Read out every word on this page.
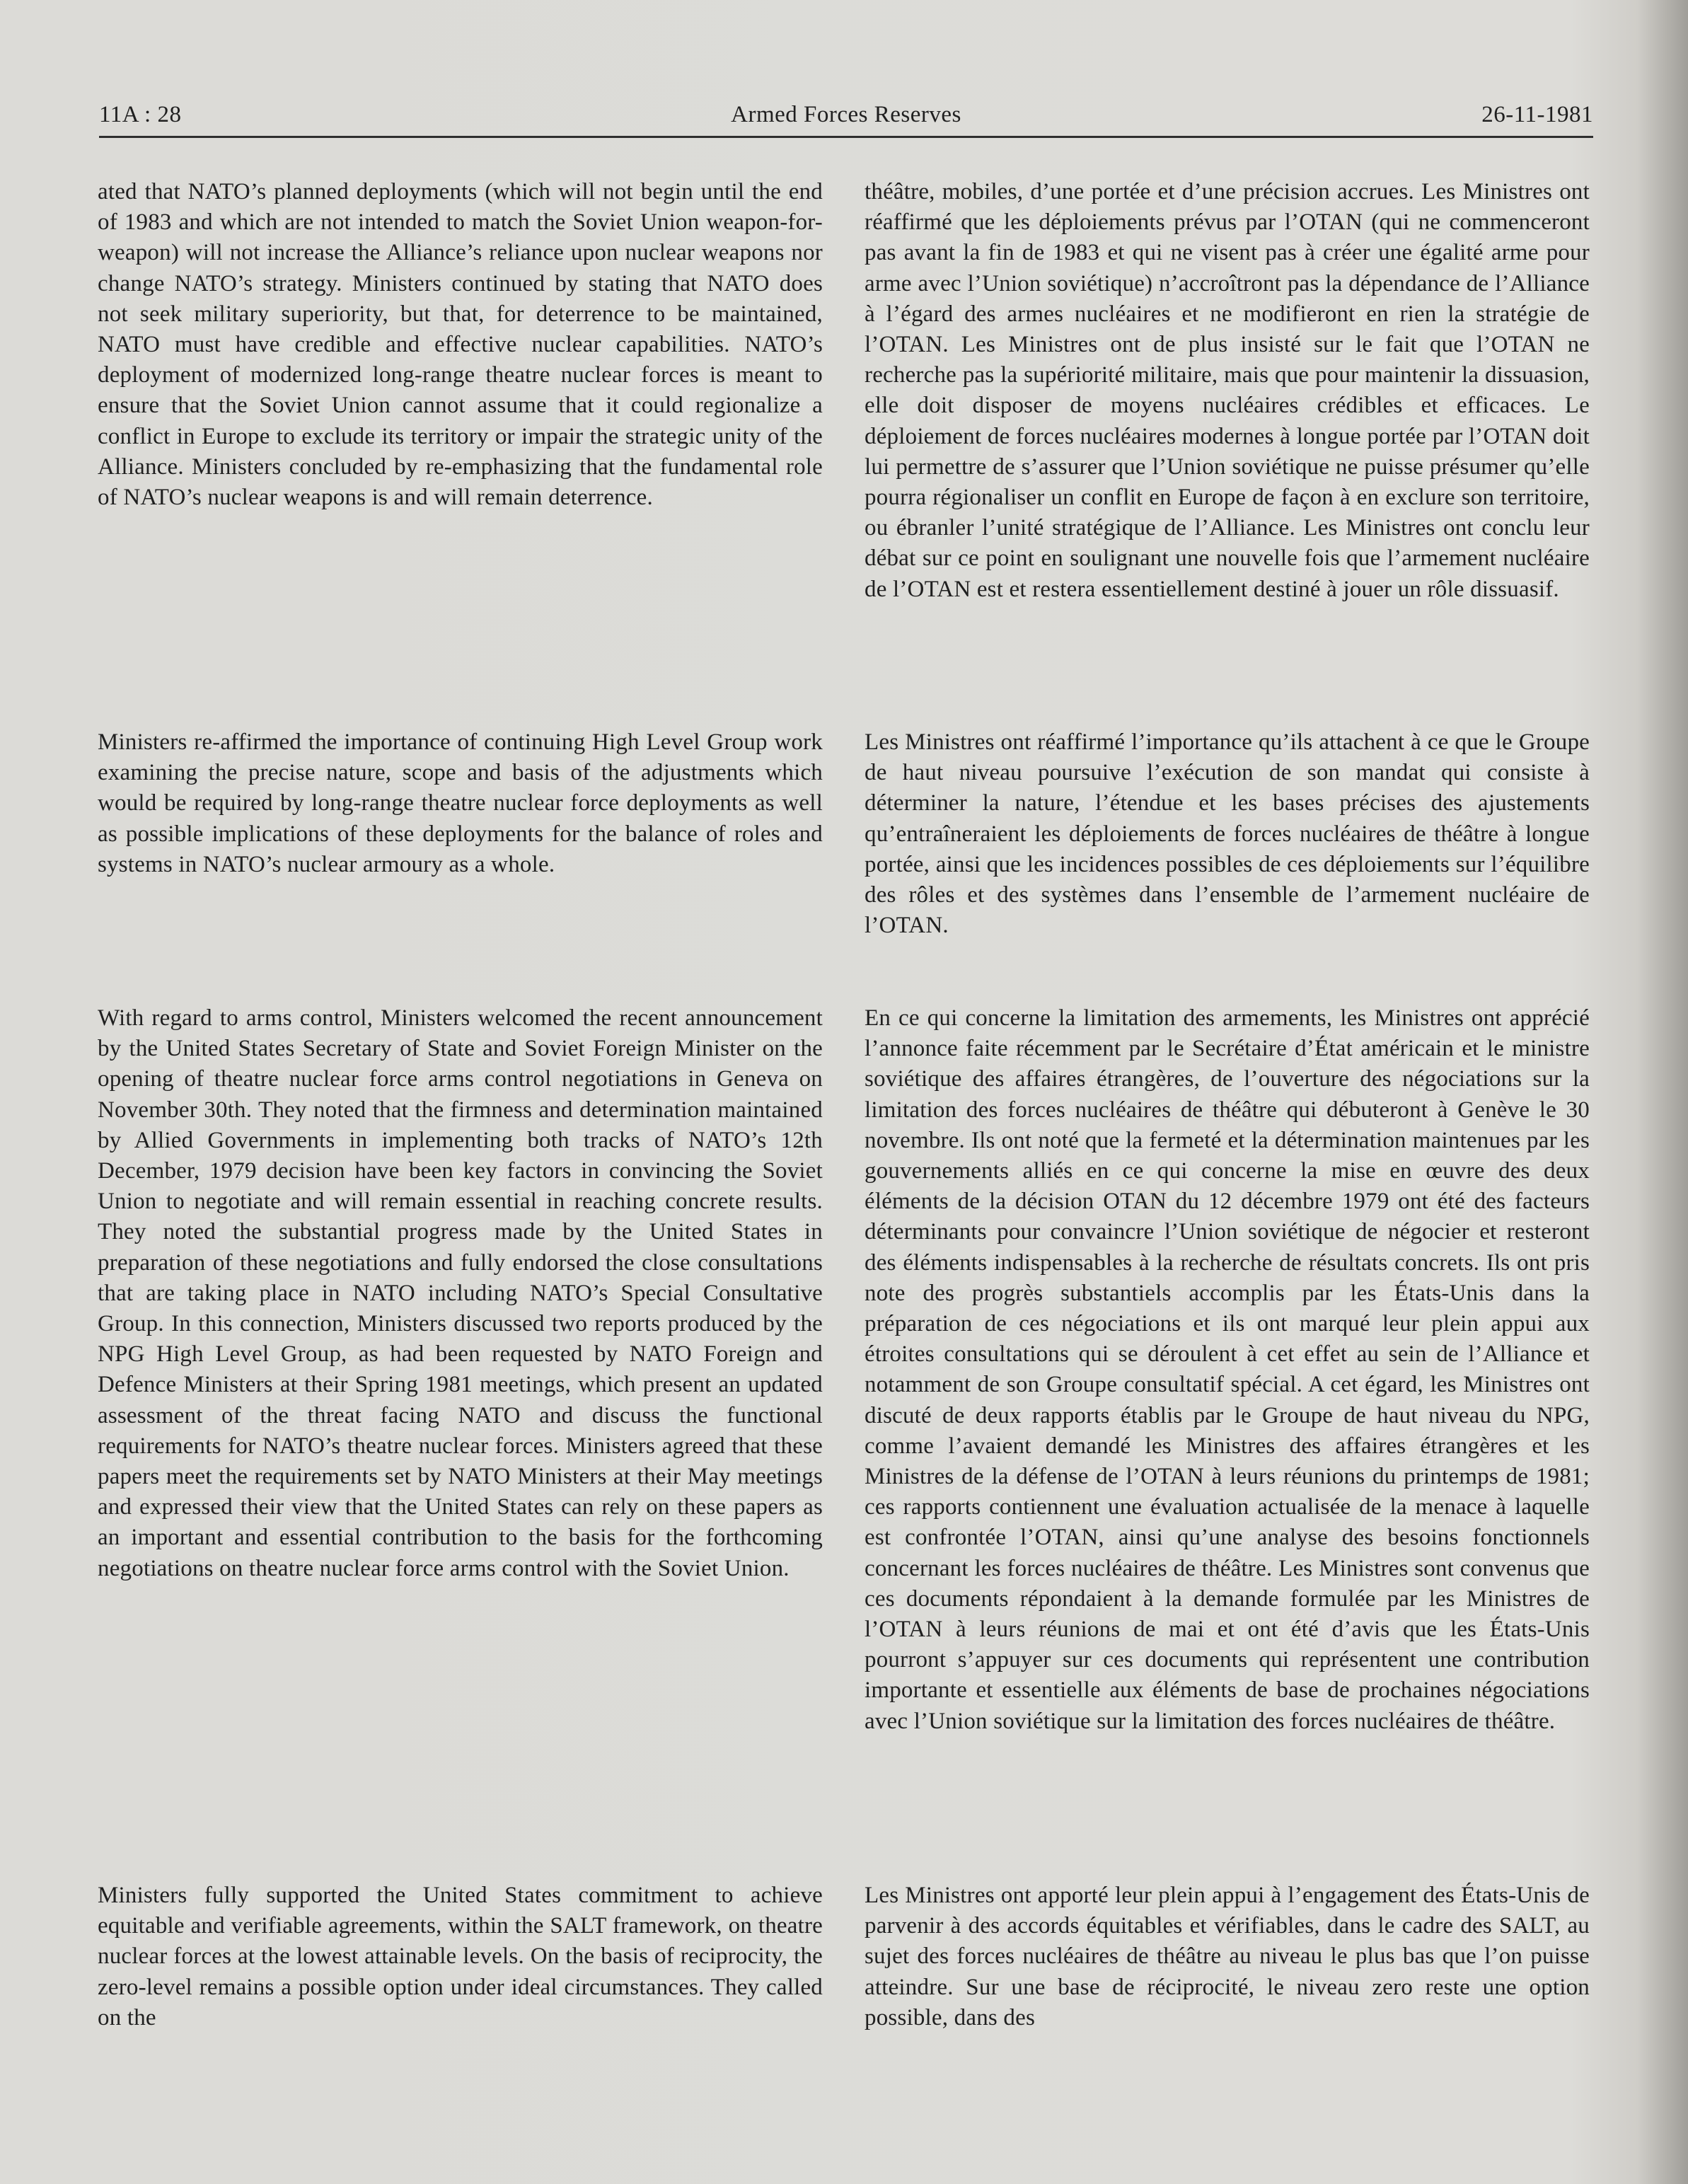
11A : 28	Armed Forces Reserves	26-11-1981

ated that NATO’s planned deployments (which will not begin until the end of 1983 and which are not intended to match the Soviet Union weapon-for-weapon) will not increase the Alliance’s reliance upon nuclear weapons nor change NATO’s strategy. Ministers continued by stating that NATO does not seek military superiority, but that, for deterrence to be maintained, NATO must have credible and effective nuclear capabilities. NATO’s deployment of modernized long-range theatre nuclear forces is meant to ensure that the Soviet Union cannot assume that it could regionalize a conflict in Europe to exclude its territory or impair the strategic unity of the Alliance. Ministers concluded by re-emphasizing that the fundamental role of NATO’s nuclear weapons is and will remain deterrence.

Ministers re-affirmed the importance of continuing High Level Group work examining the precise nature, scope and basis of the adjustments which would be required by long-range theatre nuclear force deployments as well as possible implications of these deployments for the balance of roles and systems in NATO’s nuclear armoury as a whole.

With regard to arms control, Ministers welcomed the recent announcement by the United States Secretary of State and Soviet Foreign Minister on the opening of theatre nuclear force arms control negotiations in Geneva on November 30th. They noted that the firmness and determination maintained by Allied Governments in implementing both tracks of NATO’s 12th December, 1979 decision have been key factors in convincing the Soviet Union to negotiate and will remain essential in reaching concrete results. They noted the substantial progress made by the United States in preparation of these negotiations and fully endorsed the close consultations that are taking place in NATO including NATO’s Special Consultative Group. In this connection, Ministers discussed two reports produced by the NPG High Level Group, as had been requested by NATO Foreign and Defence Ministers at their Spring 1981 meetings, which present an updated assessment of the threat facing NATO and discuss the functional requirements for NATO’s theatre nuclear forces. Ministers agreed that these papers meet the requirements set by NATO Ministers at their May meetings and expressed their view that the United States can rely on these papers as an important and essential contribution to the basis for the forthcoming negotiations on theatre nuclear force arms control with the Soviet Union.

Ministers fully supported the United States commitment to achieve equitable and verifiable agreements, within the SALT framework, on theatre nuclear forces at the lowest attainable levels. On the basis of reciprocity, the zero-level remains a possible option under ideal circumstances. They called on the

théâtre, mobiles, d’une portée et d’une précision accrues. Les Ministres ont réaffirmé que les déploiements prévus par l’OTAN (qui ne commenceront pas avant la fin de 1983 et qui ne visent pas à créer une égalité arme pour arme avec l’Union soviétique) n’accroîtront pas la dépendance de l’Alliance à l’égard des armes nucléaires et ne modifieront en rien la stratégie de l’OTAN. Les Ministres ont de plus insisté sur le fait que l’OTAN ne recherche pas la supériorité militaire, mais que pour maintenir la dissuasion, elle doit disposer de moyens nucléaires crédibles et efficaces. Le déploiement de forces nucléaires modernes à longue portée par l’OTAN doit lui permettre de s’assurer que l’Union soviétique ne puisse présumer qu’elle pourra régionaliser un conflit en Europe de façon à en exclure son territoire, ou ébranler l’unité stratégique de l’Alliance. Les Ministres ont conclu leur débat sur ce point en soulignant une nouvelle fois que l’armement nucléaire de l’OTAN est et restera essentiellement destiné à jouer un rôle dissuasif.

Les Ministres ont réaffirmé l’importance qu’ils attachent à ce que le Groupe de haut niveau poursuive l’exécution de son mandat qui consiste à déterminer la nature, l’étendue et les bases précises des ajustements qu’entraîneraient les déploiements de forces nucléaires de théâtre à longue portée, ainsi que les incidences possibles de ces déploiements sur l’équilibre des rôles et des systèmes dans l’ensemble de l’armement nucléaire de l’OTAN.

En ce qui concerne la limitation des armements, les Ministres ont apprécié l’annonce faite récemment par le Secrétaire d’État américain et le ministre soviétique des affaires étrangères, de l’ouverture des négociations sur la limitation des forces nucléaires de théâtre qui débuteront à Genève le 30 novembre. Ils ont noté que la fermeté et la détermination maintenues par les gouvernements alliés en ce qui concerne la mise en œuvre des deux éléments de la décision OTAN du 12 décembre 1979 ont été des facteurs déterminants pour convaincre l’Union soviétique de négocier et resteront des éléments indispensables à la recherche de résultats concrets. Ils ont pris note des progrès substantiels accomplis par les États-Unis dans la préparation de ces négociations et ils ont marqué leur plein appui aux étroites consultations qui se déroulent à cet effet au sein de l’Alliance et notamment de son Groupe consultatif spécial. A cet égard, les Ministres ont discuté de deux rapports établis par le Groupe de haut niveau du NPG, comme l’avaient demandé les Ministres des affaires étrangères et les Ministres de la défense de l’OTAN à leurs réunions du printemps de 1981; ces rapports contiennent une évaluation actualisée de la menace à laquelle est confrontée l’OTAN, ainsi qu’une analyse des besoins fonctionnels concernant les forces nucléaires de théâtre. Les Ministres sont convenus que ces documents répondaient à la demande formulée par les Ministres de l’OTAN à leurs réunions de mai et ont été d’avis que les États-Unis pourront s’appuyer sur ces documents qui représentent une contribution importante et essentielle aux éléments de base de prochaines négociations avec l’Union soviétique sur la limitation des forces nucléaires de théâtre.

Les Ministres ont apporté leur plein appui à l’engagement des États-Unis de parvenir à des accords équitables et vérifiables, dans le cadre des SALT, au sujet des forces nucléaires de théâtre au niveau le plus bas que l’on puisse atteindre. Sur une base de réciprocité, le niveau zero reste une option possible, dans des
